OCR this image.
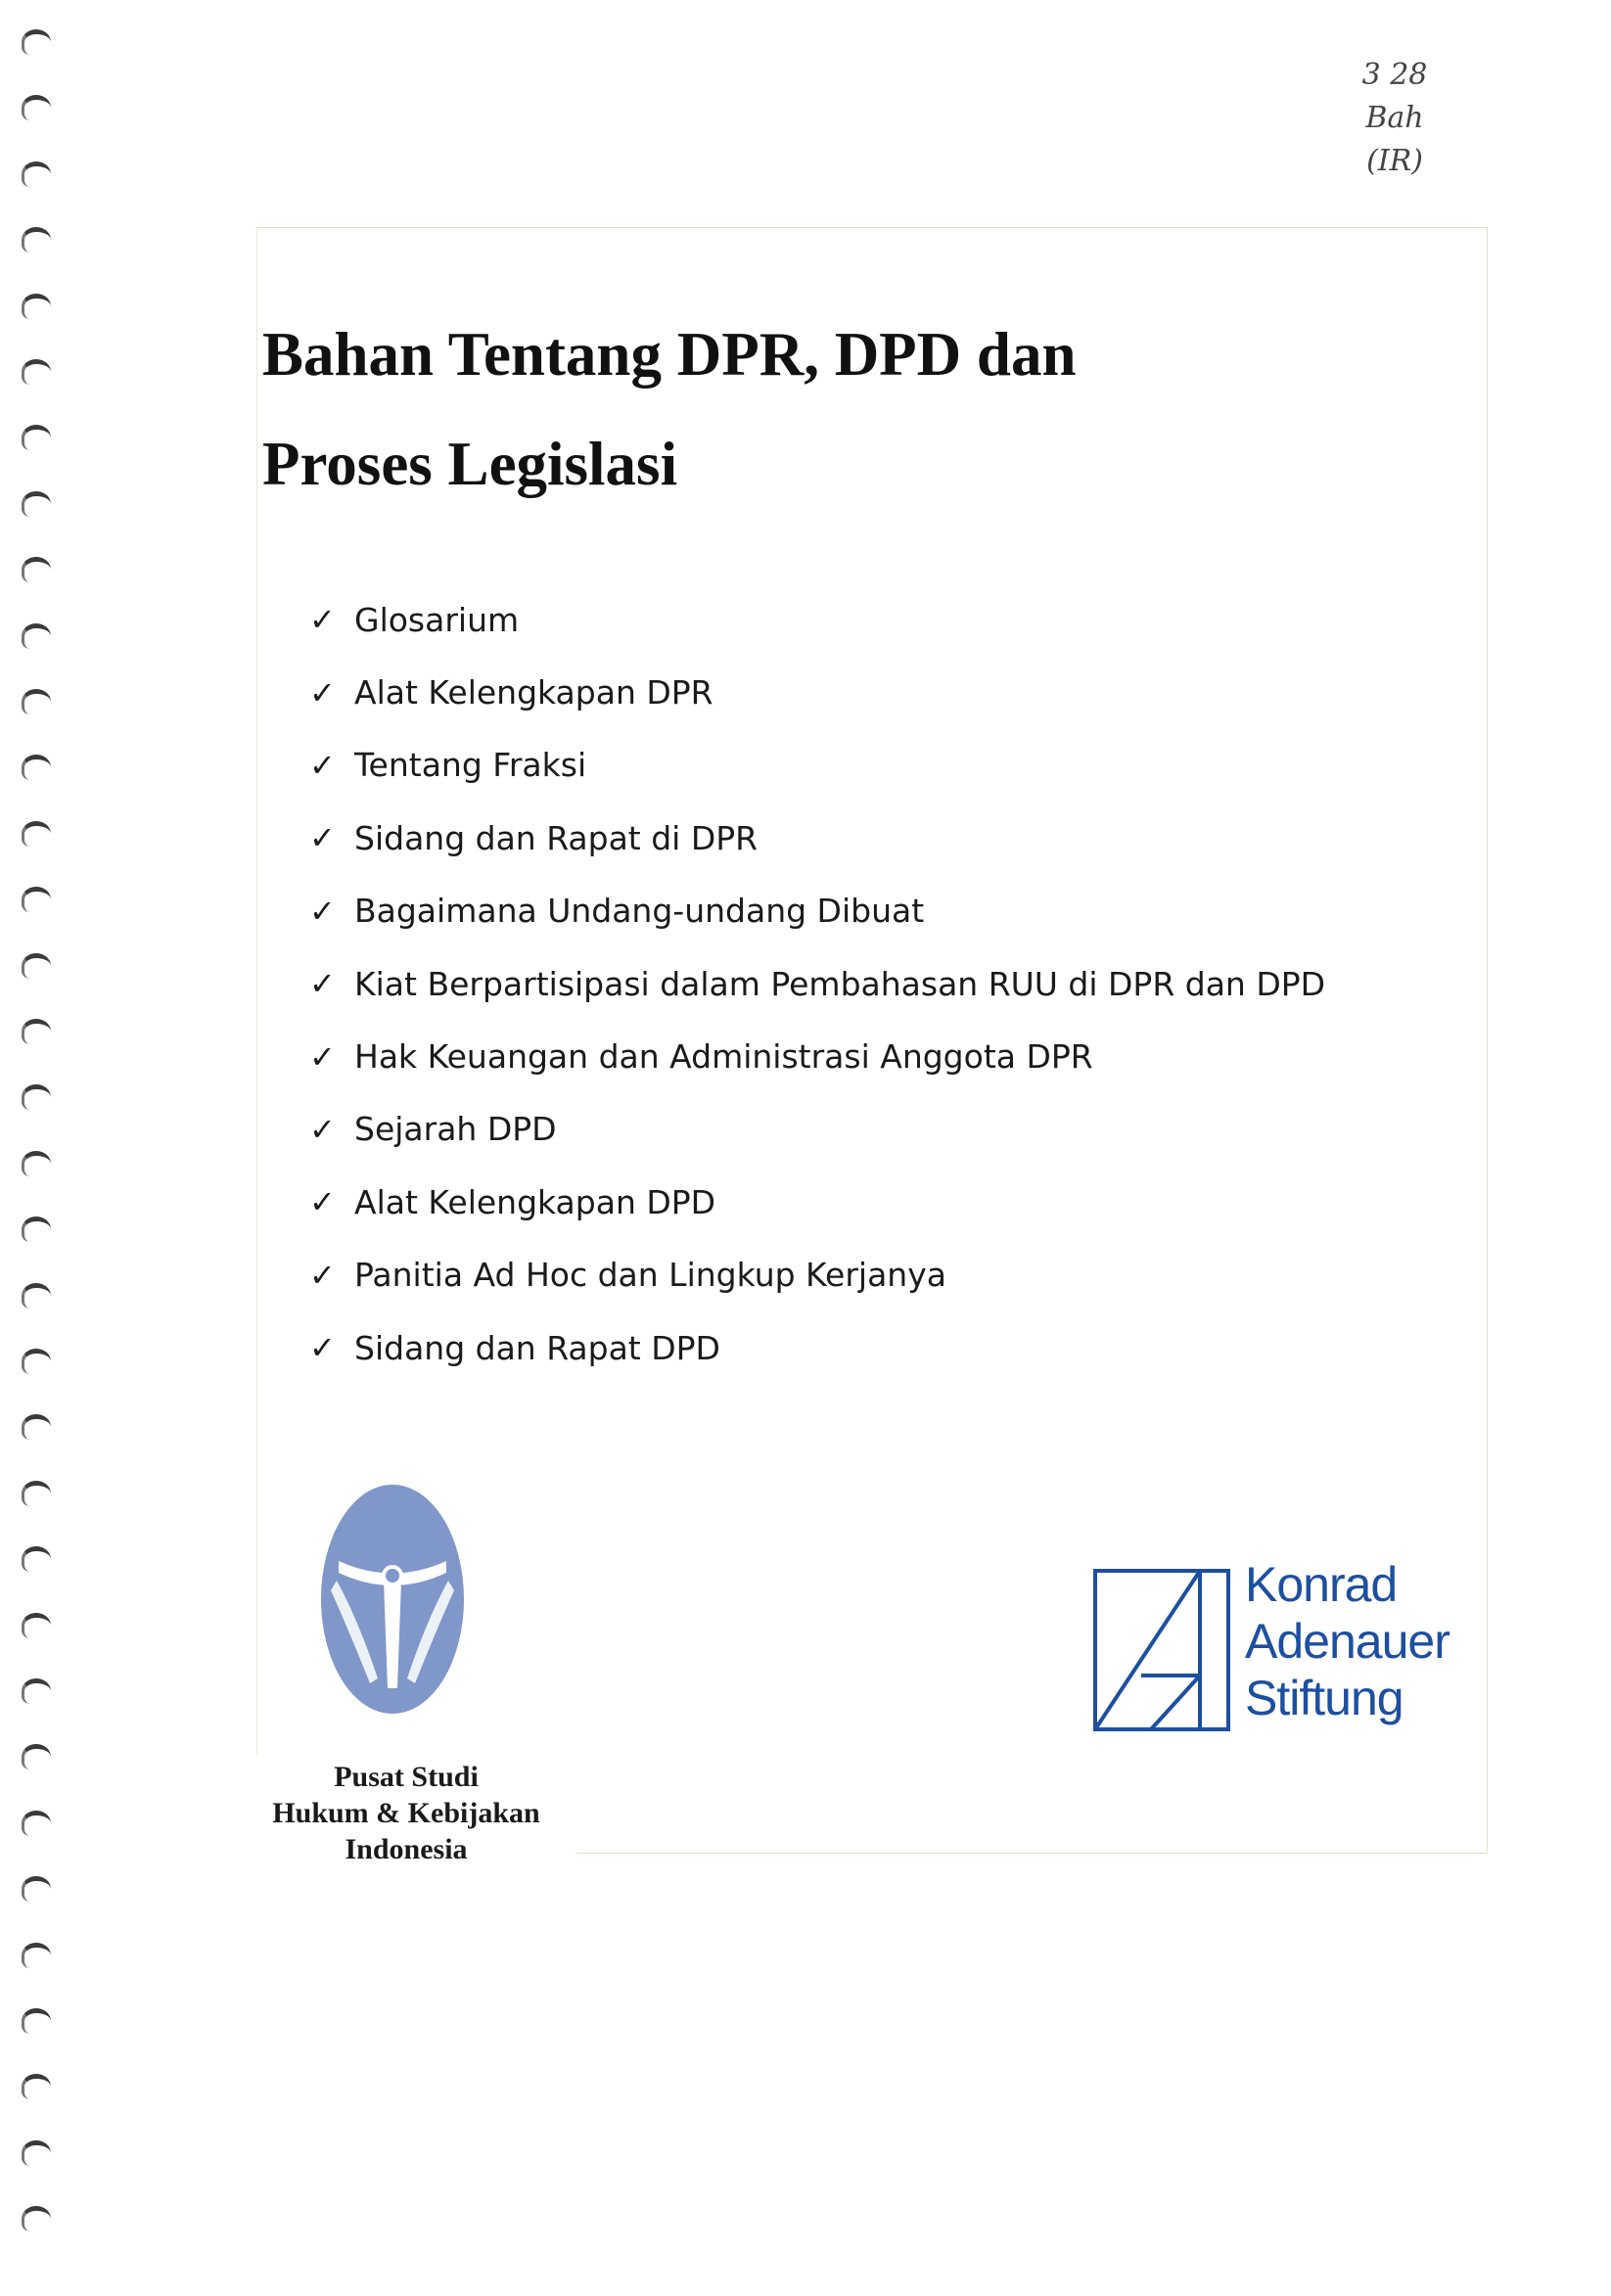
3 28
Bah
(IR)
Bahan Tentang DPR, DPD dan
Proses Legislasi
✓ Glosarium
✓ Alat Kelengkapan DPR
✓ Tentang Fraksi
✓ Sidang dan Rapat di DPR
✓ Bagaimana Undang-undang Dibuat
✓ Kiat Berpartisipasi dalam Pembahasan RUU di DPR dan DPD
✓ Hak Keuangan dan Administrasi Anggota DPR
✓ Sejarah DPD
✓ Alat Kelengkapan DPD
✓ Panitia Ad Hoc dan Lingkup Kerjanya
✓ Sidang dan Rapat DPD
Pusat Studi
Hukum & Kebijakan
Indonesia
Konrad
Adenauer
Stiftung
